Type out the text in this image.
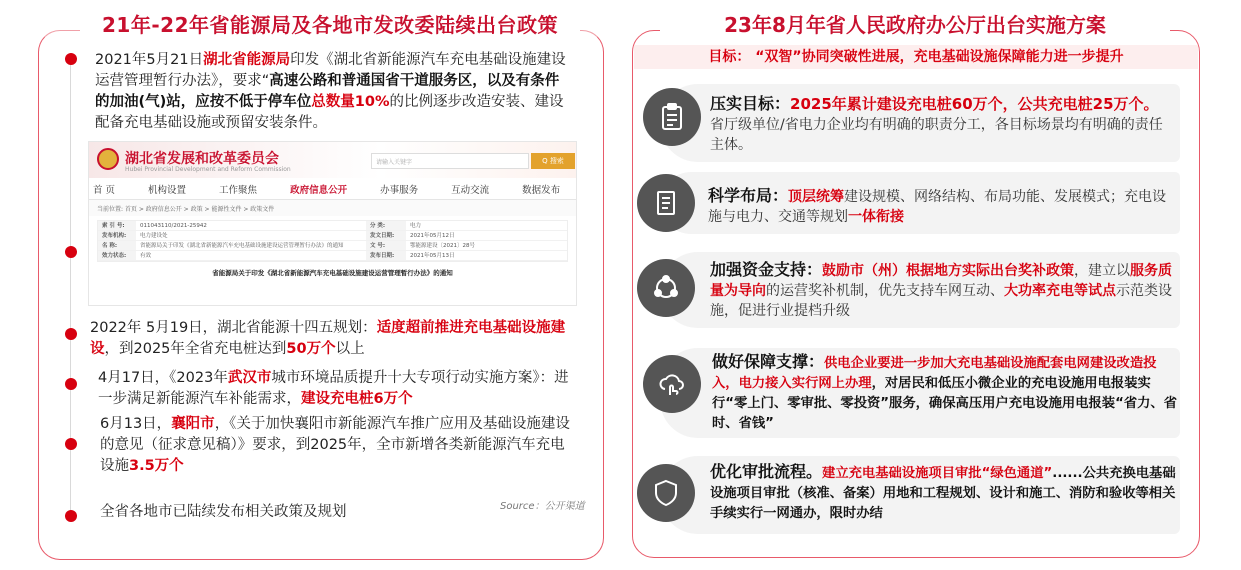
21年-22年省能源局及各地市发改委陆续出台政策
2021年5月21日湖北省能源局印发《湖北省新能源汽车充电基础设施建设运营管理暂行办法》，要求“高速公路和普通国省干道服务区，以及有条件的加油(气)站，应按不低于停车位总数量10%的比例逐步改造安装、建设配备充电基础设施或预留安装条件。
湖北省发展和改革委员会
Hubei Provincial Development and Reform Commission
请输入关键字	Q 搜索
首 页	机构设置	工作聚焦	政府信息公开	办事服务	互动交流	数据发布
当前位置: 首页 > 政府信息公开 > 政策 > 能源性文件 > 政策文件
索 引 号:	011043110/2021-25942	分 类:	电力
发布机构:	电力建设处	发文日期:	2021年05月12日
名 称:	省能源局关于印发《湖北省新能源汽车充电基础设施建设运营管理暂行办法》的通知	文 号:	鄂能源建设〔2021〕28号
效力状态:	有效	发布日期:	2021年05月13日
省能源局关于印发《湖北省新能源汽车充电基础设施建设运营管理暂行办法》的通知
2022年 5月19日，湖北省能源十四五规划：适度超前推进充电基础设施建设，到2025年全省充电桩达到50万个以上
4月17日，《2023年武汉市城市环境品质提升十大专项行动实施方案》：进一步满足新能源汽车补能需求，建设充电桩6万个
6月13日，襄阳市，《关于加快襄阳市新能源汽车推广应用及基础设施建设的意见（征求意见稿）》要求，到2025年，全市新增各类新能源汽车充电设施3.5万个
全省各地市已陆续发布相关政策及规划	Source：公开渠道
23年8月年省人民政府办公厅出台实施方案
目标： “双智”协同突破性进展，充电基础设施保障能力进一步提升
压实目标：2025年累计建设充电桩60万个，公共充电桩25万个。省厅级单位/省电力企业均有明确的职责分工，各目标场景均有明确的责任主体。
科学布局：顶层统筹建设规模、网络结构、布局功能、发展模式；充电设施与电力、交通等规划一体衔接
加强资金支持：鼓励市（州）根据地方实际出台奖补政策，建立以服务质量为导向的运营奖补机制，优先支持车网互动、大功率充电等试点示范类设施，促进行业提档升级
做好保障支撑：供电企业要进一步加大充电基础设施配套电网建设改造投入，电力接入实行网上办理，对居民和低压小微企业的充电设施用电报装实行“零上门、零审批、零投资”服务，确保高压用户充电设施用电报装“省力、省时、省钱”
优化审批流程。建立充电基础设施项目审批“绿色通道”......公共充换电基础设施项目审批（核准、备案）用地和工程规划、设计和施工、消防和验收等相关手续实行一网通办，限时办结
